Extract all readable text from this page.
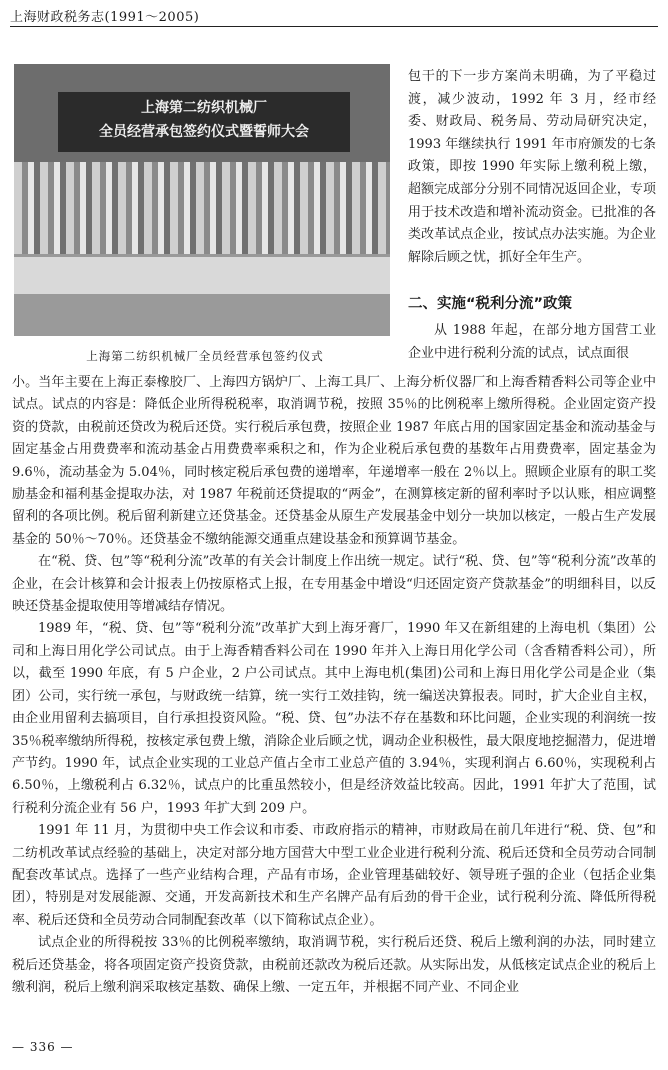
上海财政税务志(1991～2005)
上海第二纺织机械厂
全员经营承包签约仪式暨誓师大会
上海第二纺织机械厂全员经营承包签约仪式

包干的下一步方案尚未明确，为了平稳过渡，减少波动，1992 年 3 月，经市经委、财政局、税务局、劳动局研究决定，1993 年继续执行 1991 年市府颁发的七条政策，即按 1990 年实际上缴利税上缴，超额完成部分分别不同情况返回企业，专项用于技术改造和增补流动资金。已批准的各类改革试点企业，按试点办法实施。为企业解除后顾之忧，抓好全年生产。

二、实施“税利分流”政策
从 1988 年起，在部分地方国营工业企业中进行税利分流的试点，试点面很

小。当年主要在上海正泰橡胶厂、上海四方锅炉厂、上海工具厂、上海分析仪器厂和上海香精香料公司等企业中试点。试点的内容是：降低企业所得税税率，取消调节税，按照 35％的比例税率上缴所得税。企业固定资产投资的贷款，由税前还贷改为税后还贷。实行税后承包费，按照企业 1987 年底占用的国家固定基金和流动基金与固定基金占用费费率和流动基金占用费费率乘积之和，作为企业税后承包费的基数年占用费费率，固定基金为 9.6％，流动基金为 5.04％，同时核定税后承包费的递增率，年递增率一般在 2％以上。照顾企业原有的职工奖励基金和福利基金提取办法，对 1987 年税前还贷提取的“两金”，在测算核定新的留利率时予以认账，相应调整留利的各项比例。税后留利新建立还贷基金。还贷基金从原生产发展基金中划分一块加以核定，一般占生产发展基金的 50％～70％。还贷基金不缴纳能源交通重点建设基金和预算调节基金。

在“税、贷、包”等“税利分流”改革的有关会计制度上作出统一规定。试行“税、贷、包”等“税利分流”改革的企业，在会计核算和会计报表上仍按原格式上报，在专用基金中增设“归还固定资产贷款基金”的明细科目，以反映还贷基金提取使用等增减结存情况。

1989 年，“税、贷、包”等“税利分流”改革扩大到上海牙膏厂，1990 年又在新组建的上海电机（集团）公司和上海日用化学公司试点。由于上海香精香料公司在 1990 年并入上海日用化学公司（含香精香料公司），所以，截至 1990 年底，有 5 户企业，2 户公司试点。其中上海电机(集团)公司和上海日用化学公司是企业（集团）公司，实行统一承包，与财政统一结算，统一实行工效挂钩，统一编送决算报表。同时，扩大企业自主权，由企业用留利去搞项目，自行承担投资风险。“税、贷、包”办法不存在基数和环比问题，企业实现的利润统一按 35％税率缴纳所得税，按核定承包费上缴，消除企业后顾之忧，调动企业积极性，最大限度地挖掘潜力，促进增产节约。1990 年，试点企业实现的工业总产值占全市工业总产值的 3.94％，实现利润占 6.60％，实现税利占 6.50％，上缴税利占 6.32％，试点户的比重虽然较小，但是经济效益比较高。因此，1991 年扩大了范围，试行税利分流企业有 56 户，1993 年扩大到 209 户。

1991 年 11 月，为贯彻中央工作会议和市委、市政府指示的精神，市财政局在前几年进行“税、贷、包”和二纺机改革试点经验的基础上，决定对部分地方国营大中型工业企业进行税利分流、税后还贷和全员劳动合同制配套改革试点。选择了一些产业结构合理，产品有市场，企业管理基础较好、领导班子强的企业（包括企业集团），特别是对发展能源、交通，开发高新技术和生产名牌产品有后劲的骨干企业，试行税利分流、降低所得税率、税后还贷和全员劳动合同制配套改革（以下简称试点企业）。

试点企业的所得税按 33％的比例税率缴纳，取消调节税，实行税后还贷、税后上缴利润的办法，同时建立税后还贷基金，将各项固定资产投资贷款，由税前还款改为税后还款。从实际出发，从低核定试点企业的税后上缴利润，税后上缴利润采取核定基数、确保上缴、一定五年，并根据不同产业、不同企业

— 336 —
